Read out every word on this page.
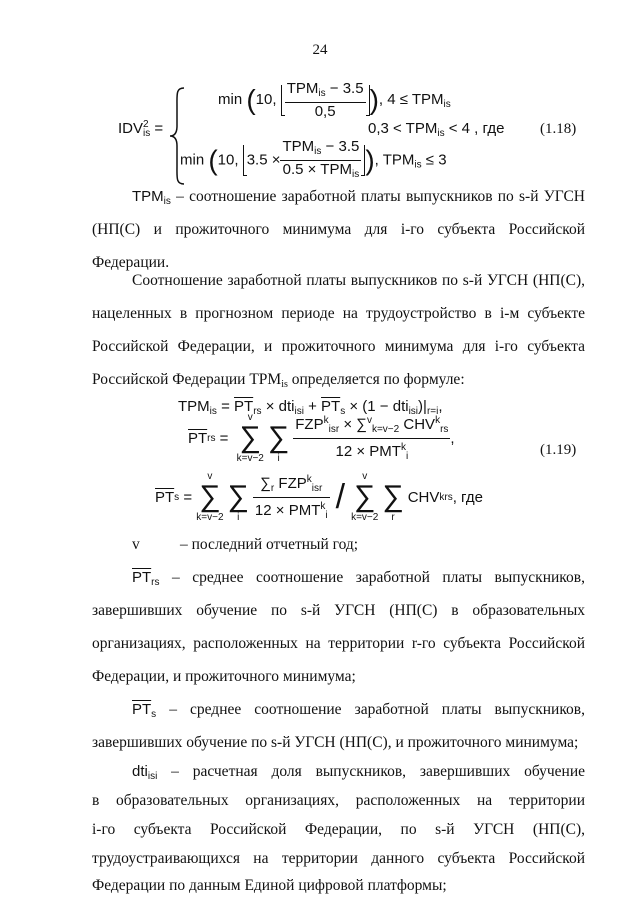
24
IDV 2
is =
min (10, $\frac{TPM_{is} - 3.5}{0,5}$ ), $4 \le TPM_{is}$
$0,3 < TPM_{is} < 4$ , где (1.18)
min (10, $3.5 \times \frac{TPM_{is} - 3.5}{0.5 \times TPM_{is}}$ ), $TPM_{is} \le 3$
$TPM_{is}$ – соотношение заработной платы выпускников по s-й УГСН
(НП(С) и прожиточного минимума для i-го субъекта Российской
Федерации.
Соотношение заработной платы выпускников по s-й УГСН (НП(С),
нацеленных в прогнозном периоде на трудоустройство в i-м субъекте
Российской Федерации, и прожиточного минимума для i-го субъекта
Российской Федерации $TPM_{is}$ определяется по формуле:
$TPM_{is} = \overline{PT}_{rs} \times dti_{isi} + \overline{PT}_s \times (1 - dti_{isi})|_{r=i}$,
$\overline{PT}$ rs =
v
∑
k=v−2

∑
i $\frac{FZP^k_{isr} \times \sum^v_{k=v-2} CHV^k_{rs}}{12 \times PMT^k_i}$ ,
(1.19)
$\overline{PT}$ s =
v
∑
k=v−2

∑
i $\frac{\sum_r FZP^k_{isr}}{12 \times PMT^k_i}$ /
v
∑
k=v−2

∑
r
CHV k rs , где
v	– последний отчетный год;
$\overline{PT}_{rs}$ – среднее соотношение заработной платы выпускников,
завершивших обучение по s-й УГСН (НП(С) в образовательных
организациях, расположенных на территории r-го субъекта Российской
Федерации, и прожиточного минимума;
$\overline{PT}_s$ – среднее соотношение заработной платы выпускников,
завершивших обучение по s-й УГСН (НП(С), и прожиточного минимума;
dti$_{isi}$ – расчетная доля выпускников, завершивших обучение
в образовательных организациях, расположенных на территории
i-го субъекта Российской Федерации, по s-й УГСН (НП(С),
трудоустраивающихся на территории данного субъекта Российской
Федерации по данным Единой цифровой платформы;
